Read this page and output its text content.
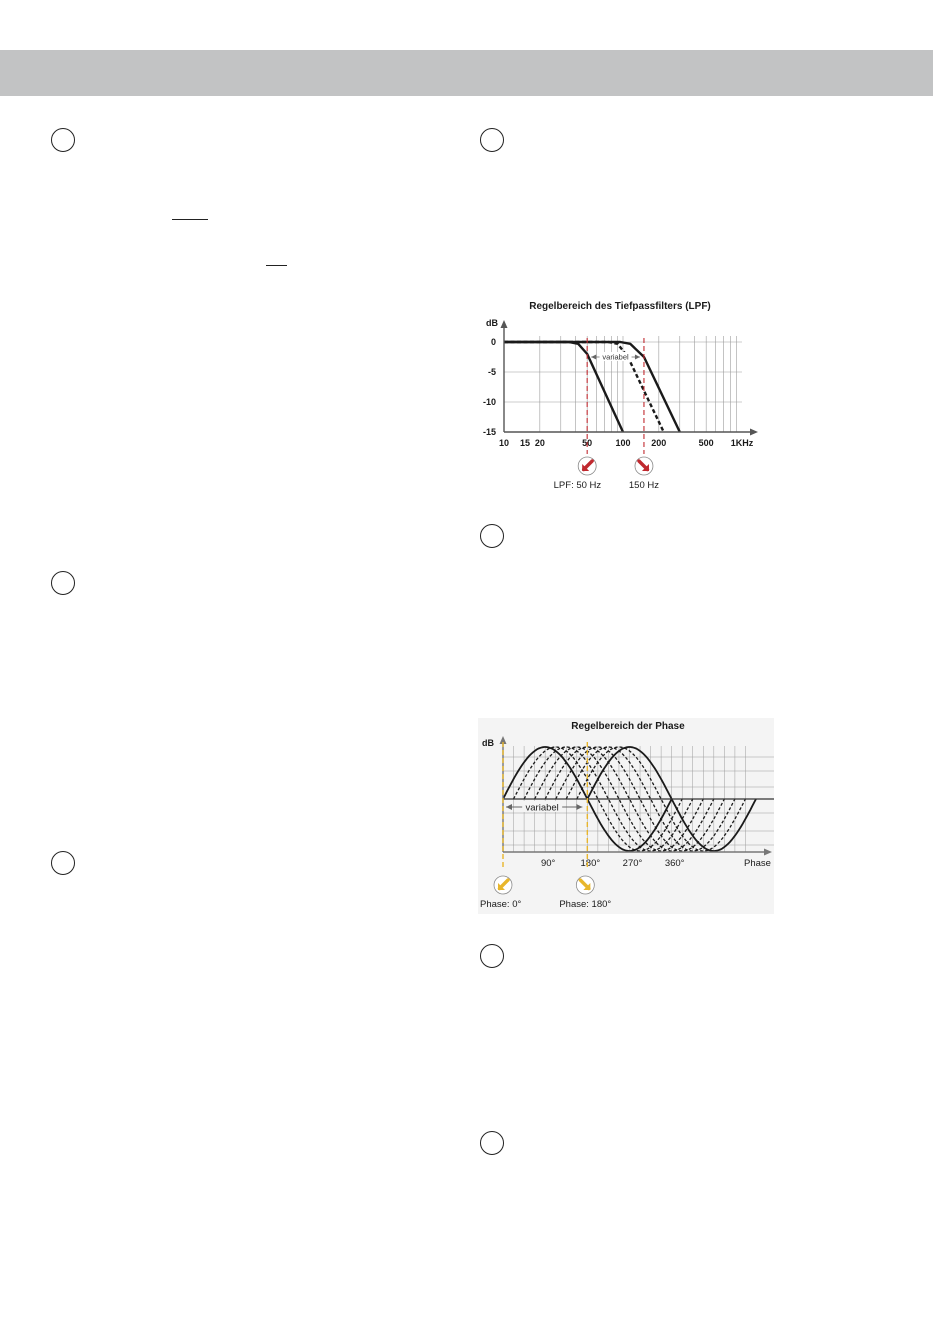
Regelbereich des Tiefpassfilters (LPF)
10 15 20	50	100 200	500 1KHz
0
-5
-10
-15
LPF: 50 Hz	150 Hz
dB
variabel
Regelbereich der Phase
90°	180° 270° 360°
Phase: 0°	Phase: 180°
dB
Phase
variabel
